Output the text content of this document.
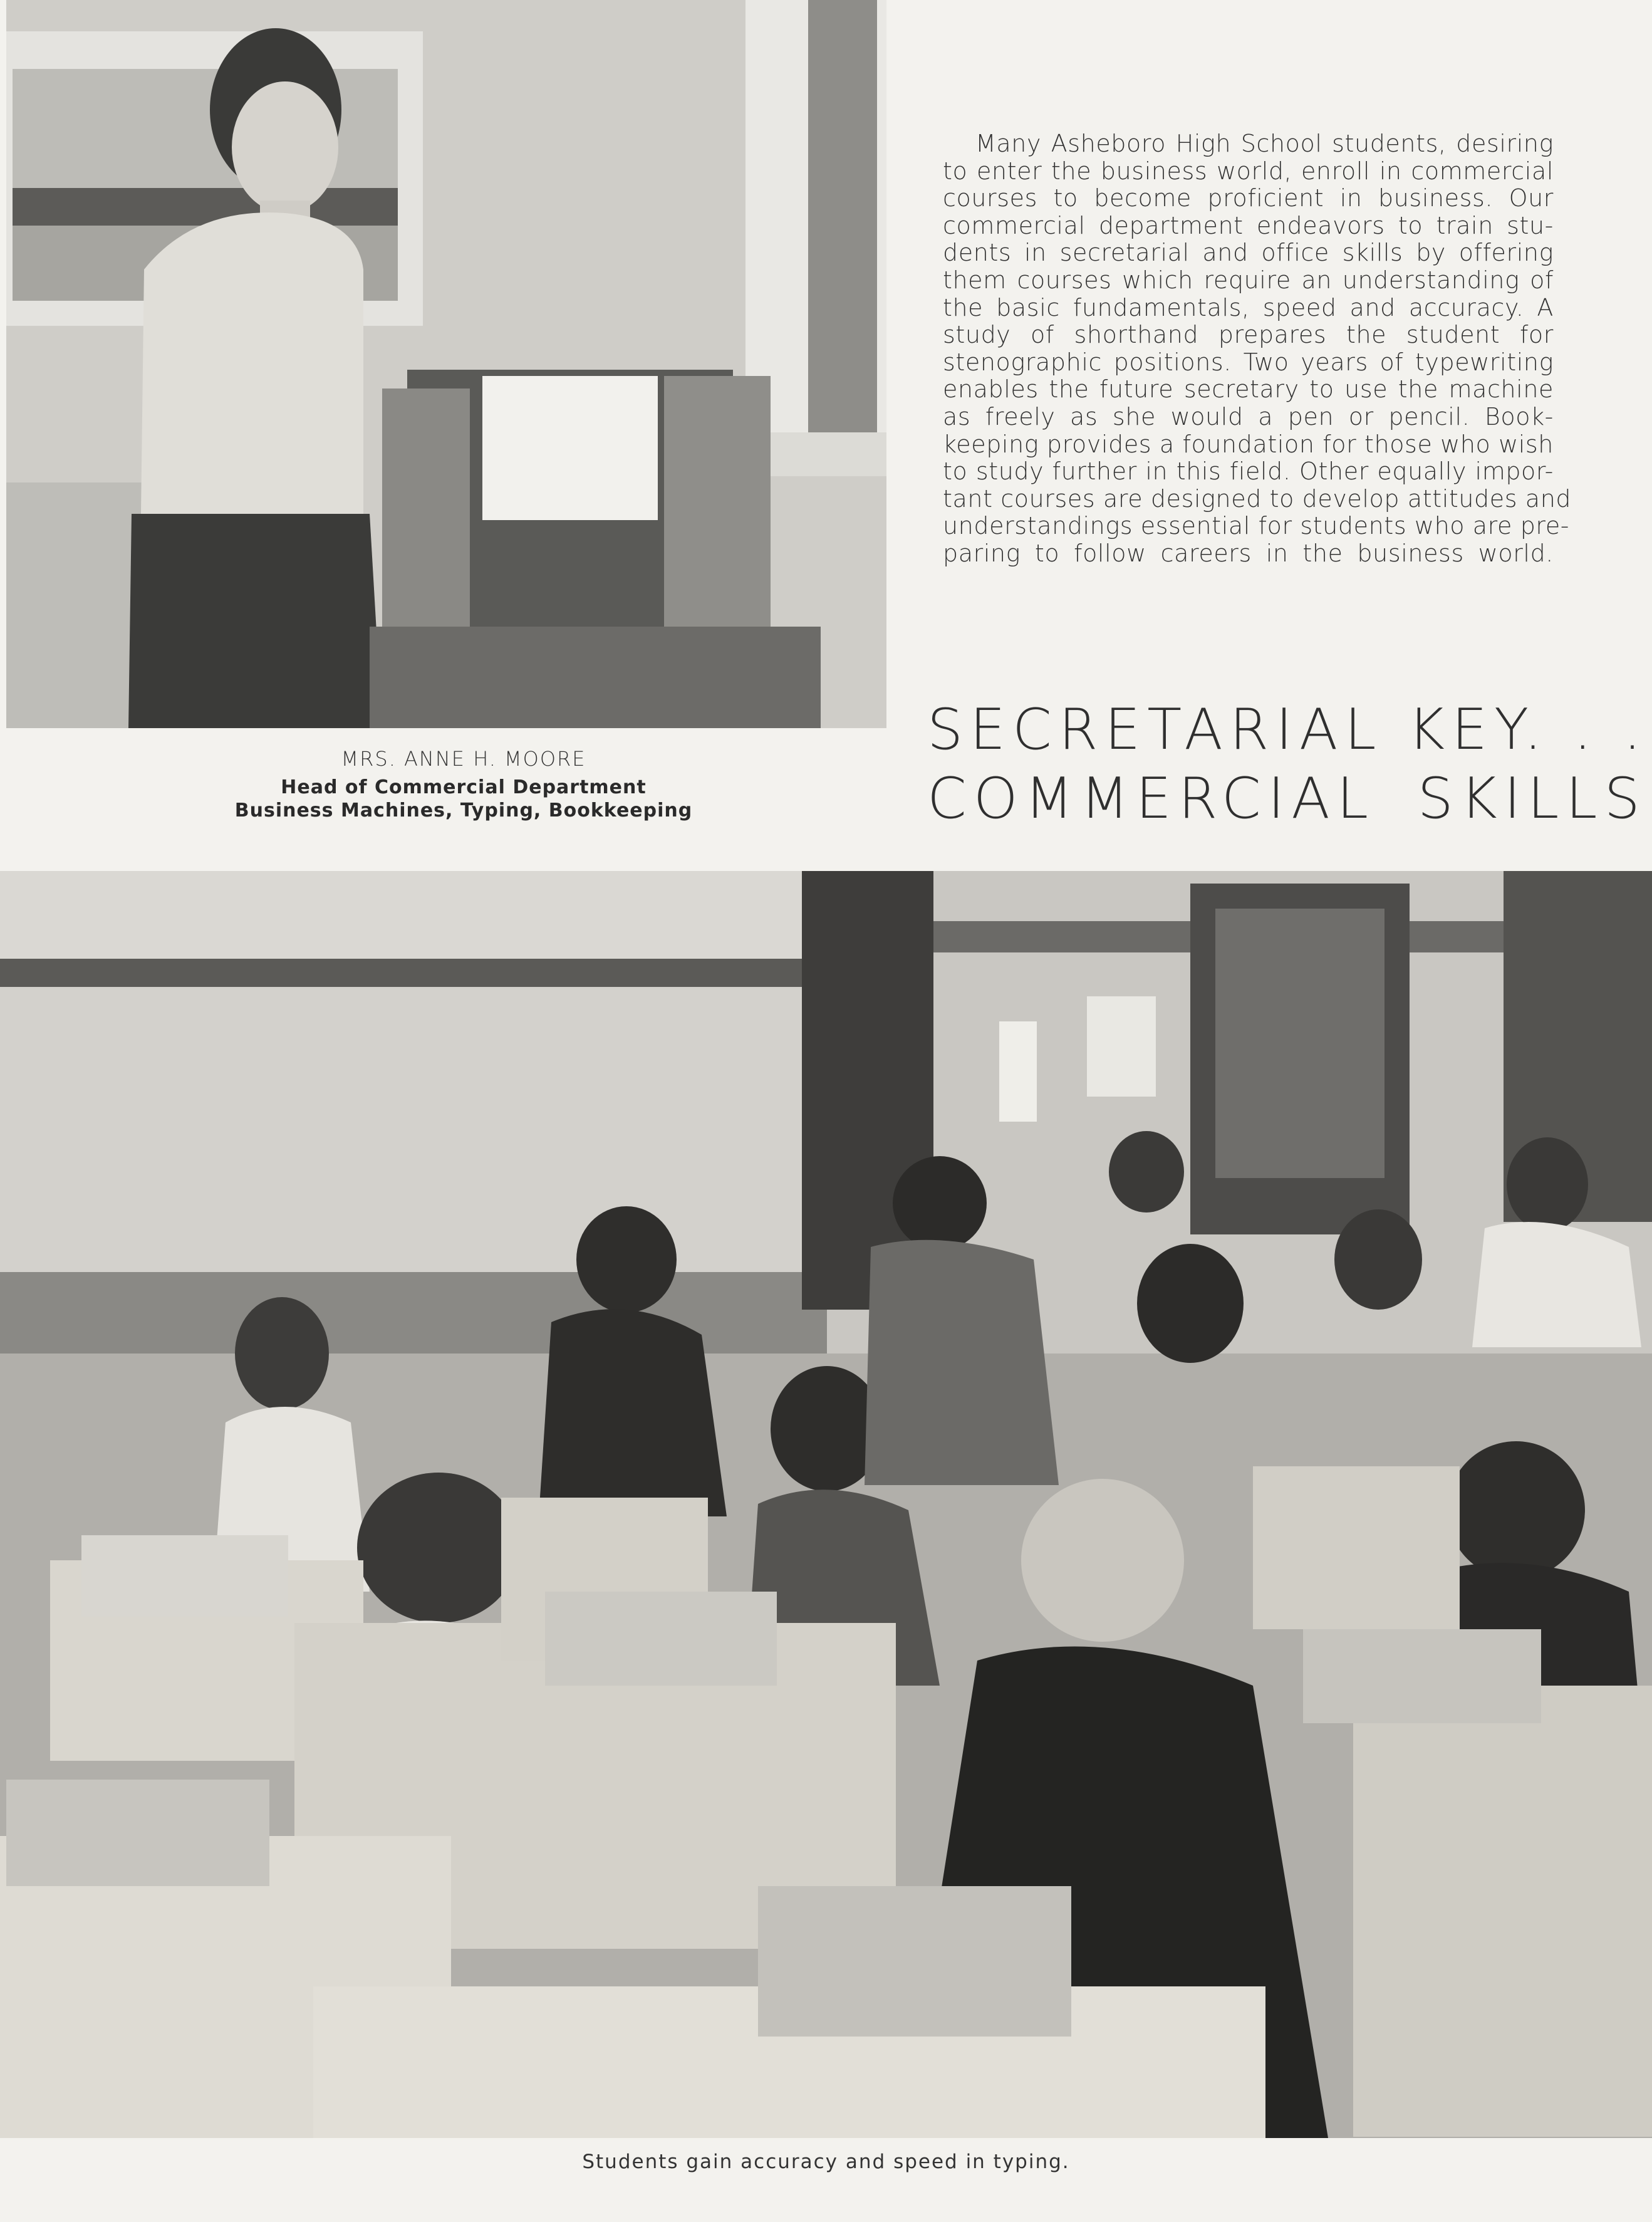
Many Asheboro High School students, desiring
to enter the business world, enroll in commercial
courses to become proficient in business. Our
commercial department endeavors to train stu-
dents in secretarial and office skills by offering
them courses which require an understanding of
the basic fundamentals, speed and accuracy. A
study of shorthand prepares the student for
stenographic positions. Two years of typewriting
enables the future secretary to use the machine
as freely as she would a pen or pencil. Book-
keeping provides a foundation for those who wish
to study further in this field. Other equally impor-
tant courses are designed to develop attitudes and
understandings essential for students who are pre-
paring to follow careers in the business world.
MRS. ANNE H. MOORE
Head of Commercial Department
Business Machines, Typing, Bookkeeping
SECRETARIAL KEY. . .
COMMERCIAL SKILLS
Students gain accuracy and speed in typing.
